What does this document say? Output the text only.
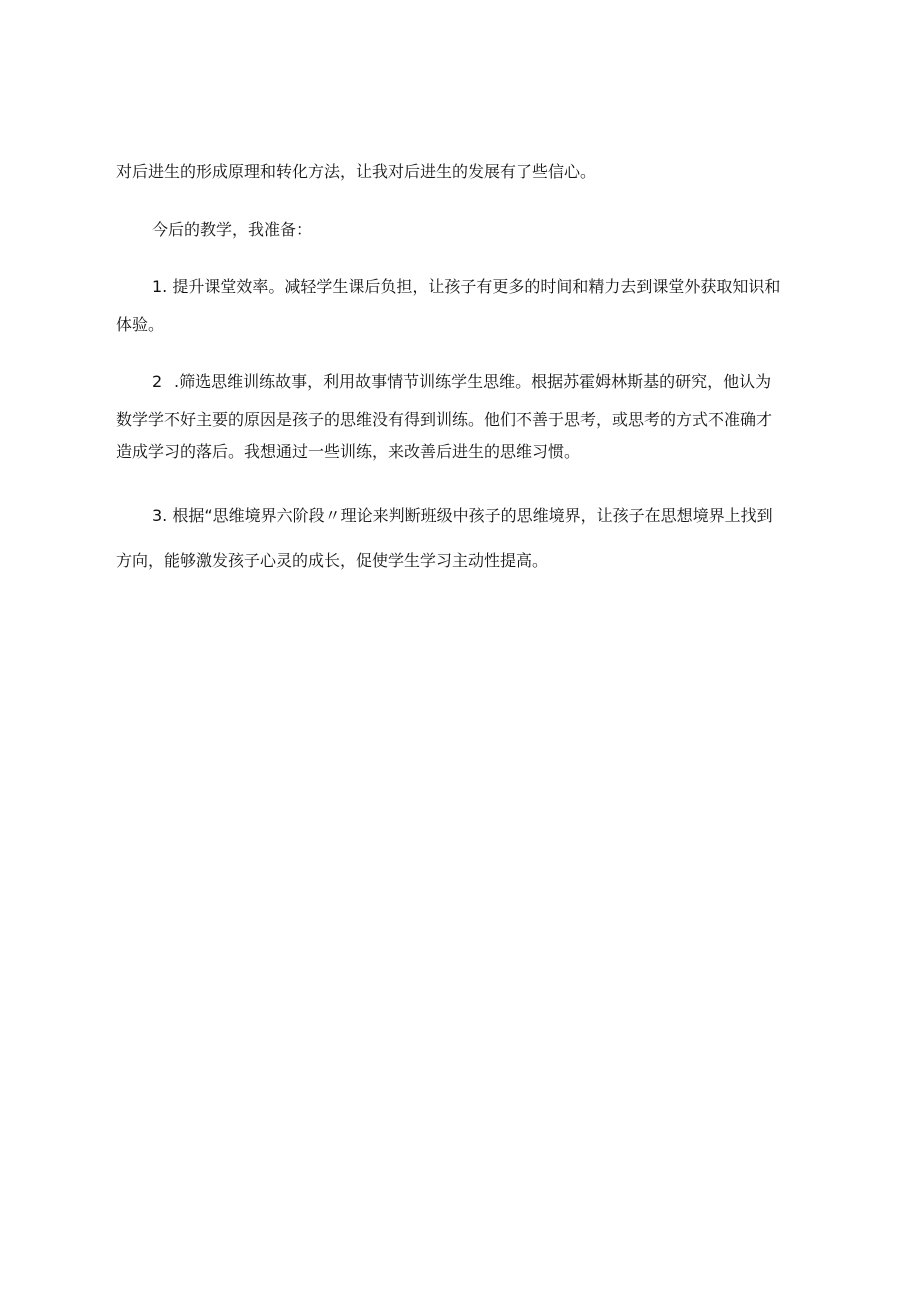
对后进生的形成原理和转化方法，让我对后进生的发展有了些信心。
今后的教学，我准备：
1. 提升课堂效率。减轻学生课后负担，让孩子有更多的时间和精力去到课堂外获取知识和
体验。
2 .筛选思维训练故事，利用故事情节训练学生思维。根据苏霍姆林斯基的研究，他认为
数学学不好主要的原因是孩子的思维没有得到训练。他们不善于思考，或思考的方式不准确才
造成学习的落后。我想通过一些训练，来改善后进生的思维习惯。
3. 根据“思维境界六阶段〃理论来判断班级中孩子的思维境界，让孩子在思想境界上找到
方向，能够激发孩子心灵的成长，促使学生学习主动性提高。
